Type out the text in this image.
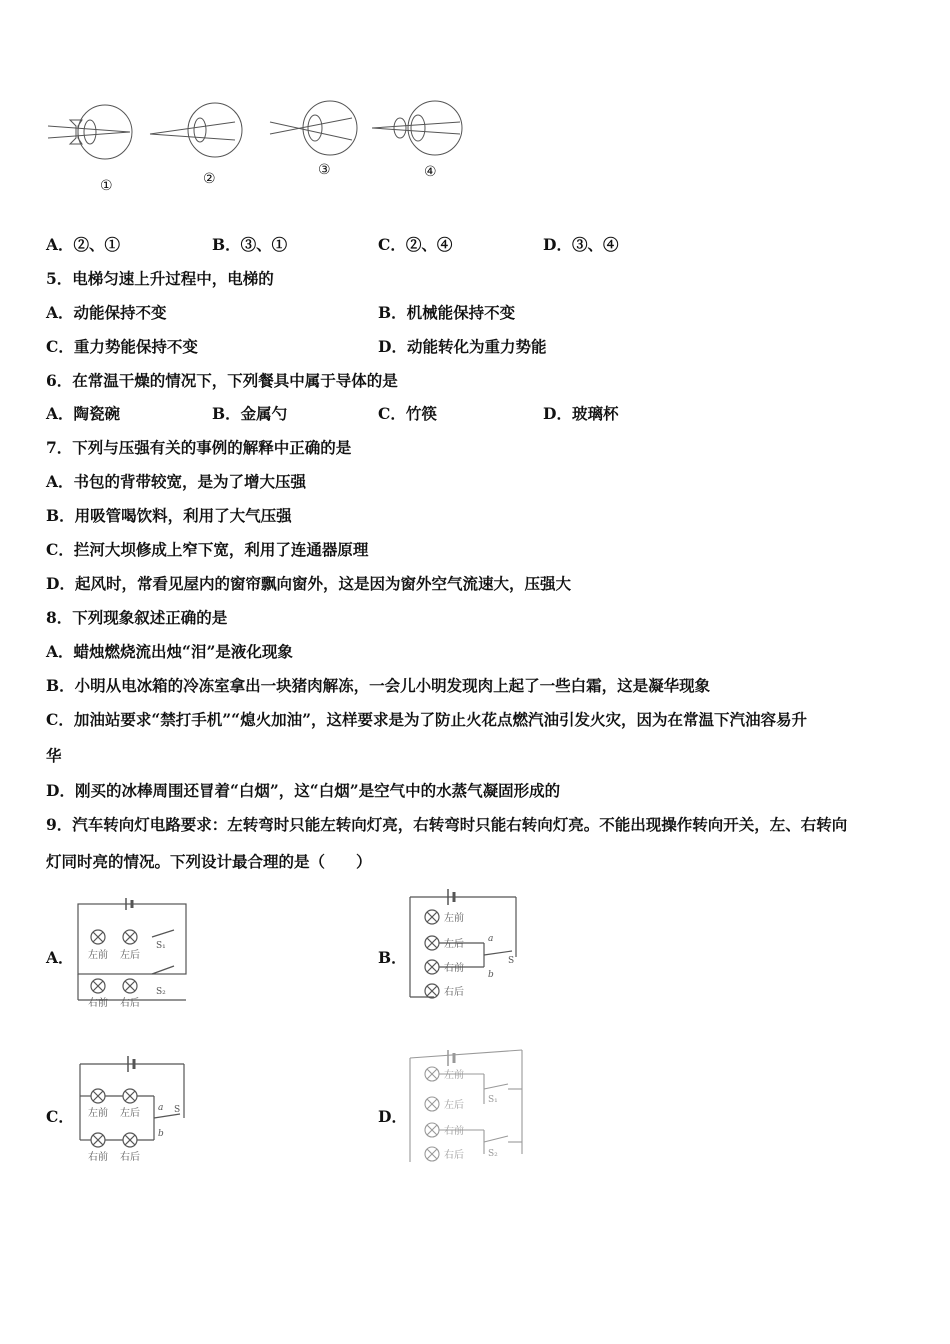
①	②
③	④
A．②、①	B．③、①	C．②、④	D．③、④
5．电梯匀速上升过程中，电梯的
A．动能保持不变	B．机械能保持不变
C．重力势能保持不变	D．动能转化为重力势能
6．在常温干燥的情况下，下列餐具中属于导体的是
A．陶瓷碗	B．金属勺	C．竹筷	D．玻璃杯
7．下列与压强有关的事例的解释中正确的是
A．书包的背带较宽，是为了增大压强
B．用吸管喝饮料，利用了大气压强
C．拦河大坝修成上窄下宽，利用了连通器原理
D．起风时，常看见屋内的窗帘飘向窗外，这是因为窗外空气流速大，压强大
8．下列现象叙述正确的是
A．蜡烛燃烧流出烛“泪”是液化现象
B．小明从电冰箱的冷冻室拿出一块猪肉解冻，一会儿小明发现肉上起了一些白霜，这是凝华现象
C．加油站要求“禁打手机”“熄火加油”，这样要求是为了防止火花点燃汽油引发火灾，因为在常温下汽油容易升
华
D．刚买的冰棒周围还冒着“白烟”，这“白烟”是空气中的水蒸气凝固形成的
9．汽车转向灯电路要求：左转弯时只能左转向灯亮，右转弯时只能右转向灯亮。不能出现操作转向开关，左、右转向
灯同时亮的情况。下列设计最合理的是（　　）
A．	B．
C．	D．
左前 左后
S₁
右前 右后
S₂
左前
左后
右前
右后
a
b
S
左前 左后
右前 右后
a
b
S
左前
左后
右前
右后
S₁
S₂
